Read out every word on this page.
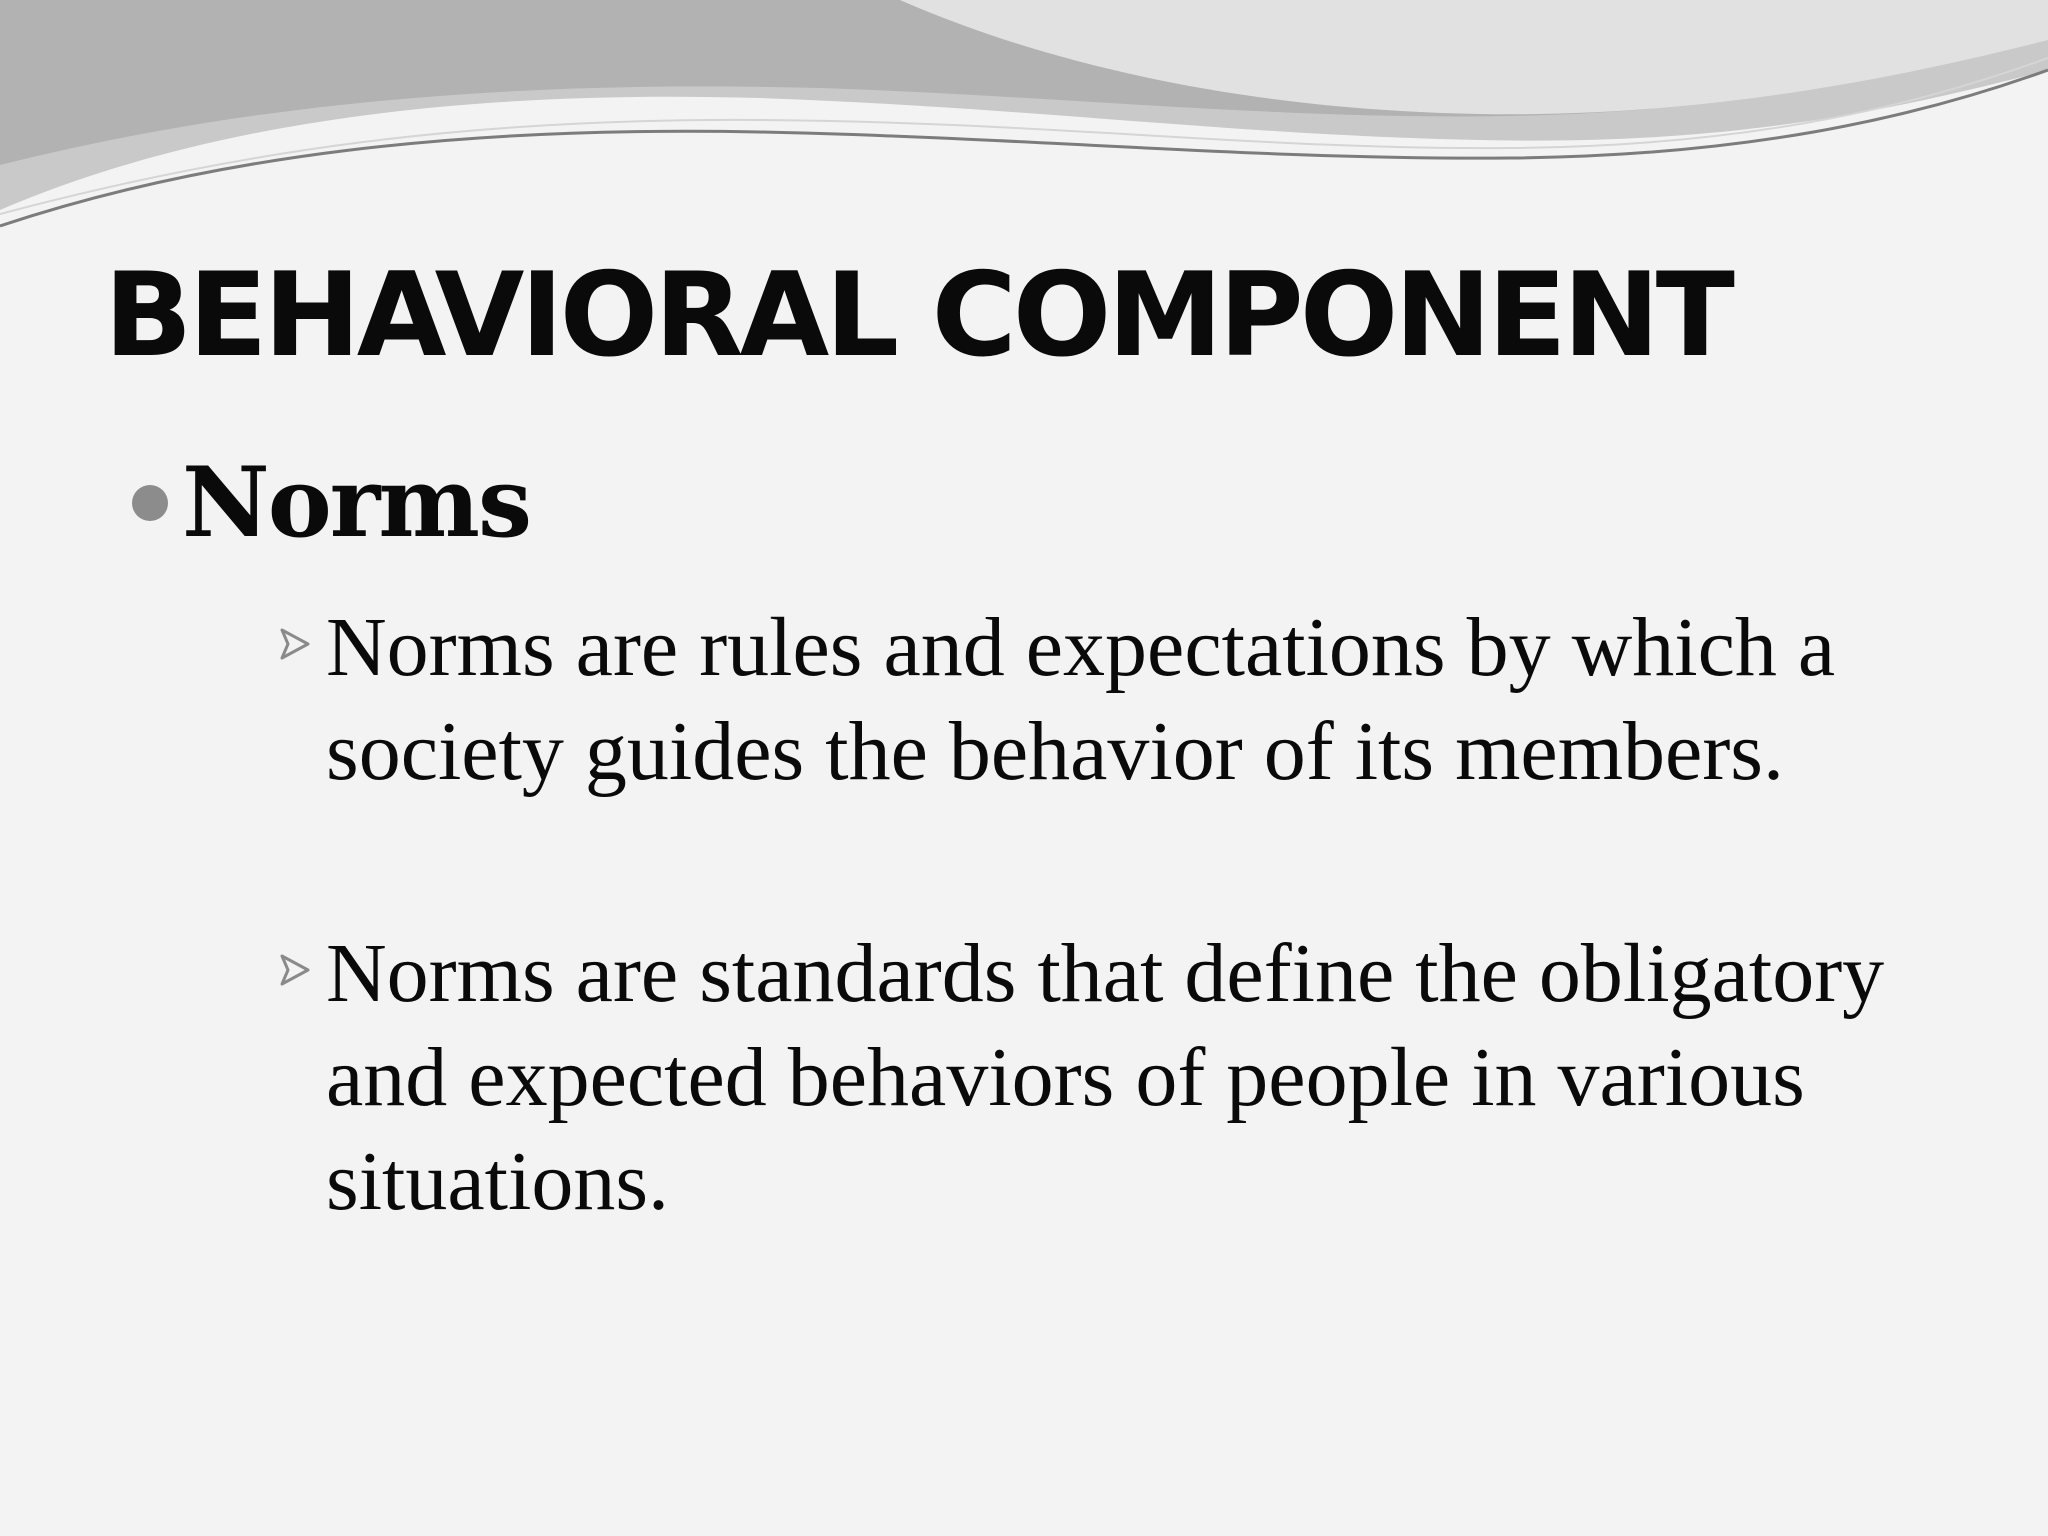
BEHAVIORAL COMPONENT
Norms
Norms are rules and expectations by which a society guides the behavior of its members.
Norms are standards that define the obligatory and expected behaviors of people in various situations.
